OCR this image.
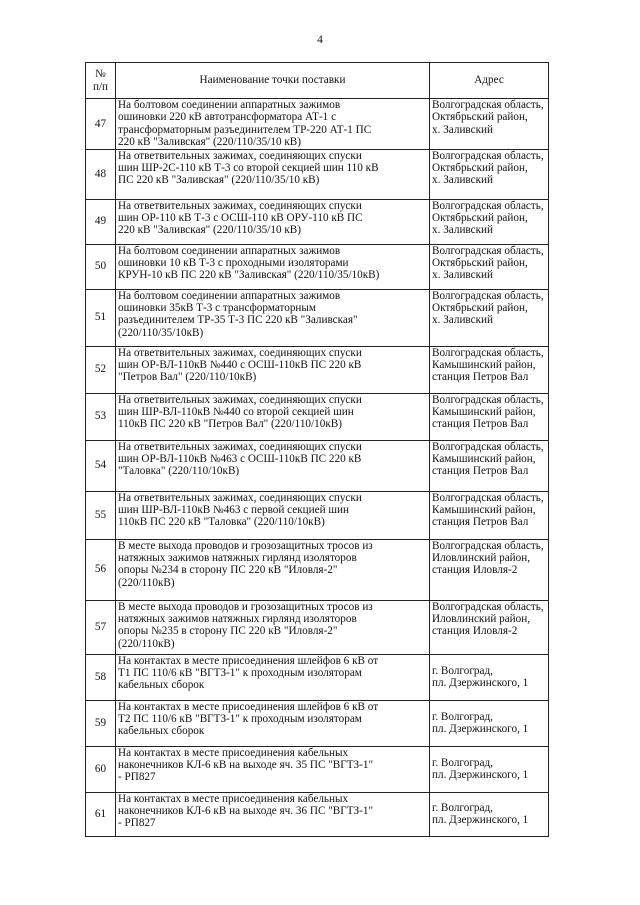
4
№
п/п	Наименование точки поставки	Адрес
47	На болтовом соединении аппаратных зажимов
ошиновки 220 кВ автотрансформатора АТ-1 с
трансформаторным разъединителем ТР-220 АТ-1 ПС
220 кВ "Заливская" (220/110/35/10 кВ)	Волгоградская область,
Октябрьский район,
х. Заливский

48	На ответвительных зажимах, соединяющих спуски
шин ШР-2С-110 кВ Т-3 со второй секцией шин 110 кВ
ПС 220 кВ "Заливская" (220/110/35/10 кВ)	Волгоградская область,
Октябрьский район,
х. Заливский

49	На ответвительных зажимах, соединяющих спуски
шин ОР-110 кВ Т-3 с ОСШ-110 кВ ОРУ-110 кВ ПС
220 кВ "Заливская" (220/110/35/10 кВ)	Волгоградская область,
Октябрьский район,
х. Заливский

50	На болтовом соединении аппаратных зажимов
ошиновки 10 кВ Т-3 с проходными изоляторами
КРУН-10 кВ ПС 220 кВ "Заливская" (220/110/35/10кВ)	Волгоградская область,
Октябрьский район,
х. Заливский

51	На болтовом соединении аппаратных зажимов
ошиновки 35кВ Т-3 с трансформаторным
разъединителем ТР-35 Т-3 ПС 220 кВ "Заливская"
(220/110/35/10кВ)	Волгоградская область,
Октябрьский район,
х. Заливский

52	На ответвительных зажимах, соединяющих спуски
шин ОР-ВЛ-110кВ №440 с ОСШ-110кВ ПС 220 кВ
"Петров Вал" (220/110/10кВ)	Волгоградская область,
Камышинский район,
станция Петров Вал

53	На ответвительных зажимах, соединяющих спуски
шин ШР-ВЛ-110кВ №440 со второй секцией шин
110кВ ПС 220 кВ "Петров Вал" (220/110/10кВ)	Волгоградская область,
Камышинский район,
станция Петров Вал

54	На ответвительных зажимах, соединяющих спуски
шин ОР-ВЛ-110кВ №463 с ОСШ-110кВ ПС 220 кВ
"Таловка" (220/110/10кВ)	Волгоградская область,
Камышинский район,
станция Петров Вал

55	На ответвительных зажимах, соединяющих спуски
шин ШР-ВЛ-110кВ №463 с первой секцией шин
110кВ ПС 220 кВ "Таловка" (220/110/10кВ)	Волгоградская область,
Камышинский район,
станция Петров Вал

56	В месте выхода проводов и грозозащитных тросов из
натяжных зажимов натяжных гирлянд изоляторов
опоры №234 в сторону ПС 220 кВ "Иловля-2"
(220/110кВ)	Волгоградская область,
Иловлинский район,
станция Иловля-2

57	В месте выхода проводов и грозозащитных тросов из
натяжных зажимов натяжных гирлянд изоляторов
опоры №235 в сторону ПС 220 кВ "Иловля-2"
(220/110кВ)	Волгоградская область,
Иловлинский район,
станция Иловля-2

58	На контактах в месте присоединения шлейфов 6 кВ от
Т1 ПС 110/6 кВ "ВГТЗ-1" к проходным изоляторам
кабельных сборок	г. Волгоград,
пл. Дзержинского, 1

59	На контактах в месте присоединения шлейфов 6 кВ от
Т2 ПС 110/6 кВ "ВГТЗ-1" к проходным изоляторам
кабельных сборок	г. Волгоград,
пл. Дзержинского, 1

60	На контактах в месте присоединения кабельных
наконечников КЛ-6 кВ на выходе яч. 35 ПС "ВГТЗ-1"
- РП827	г. Волгоград,
пл. Дзержинского, 1

61	На контактах в месте присоединения кабельных
наконечников КЛ-6 кВ на выходе яч. 36 ПС "ВГТЗ-1"
- РП827	г. Волгоград,
пл. Дзержинского, 1
